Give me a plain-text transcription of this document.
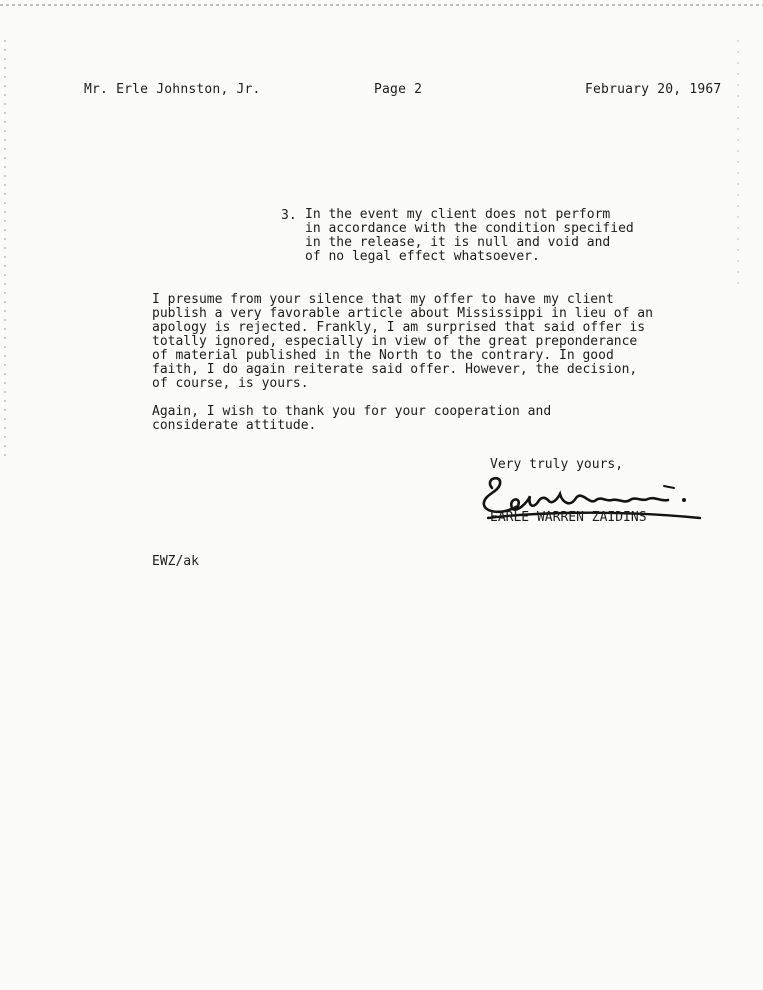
Mr. Erle Johnston, Jr.	Page 2	February 20, 1967
3. In the event my client does not perform
in accordance with the condition specified
in the release, it is null and void and
of no legal effect whatsoever.
I presume from your silence that my offer to have my client
publish a very favorable article about Mississippi in lieu of an
apology is rejected. Frankly, I am surprised that said offer is
totally ignored, especially in view of the great preponderance
of material published in the North to the contrary. In good
faith, I do again reiterate said offer. However, the decision,
of course, is yours.
Again, I wish to thank you for your cooperation and
considerate attitude.
Very truly yours,
EARLE WARREN ZAIDINS
EWZ/ak
